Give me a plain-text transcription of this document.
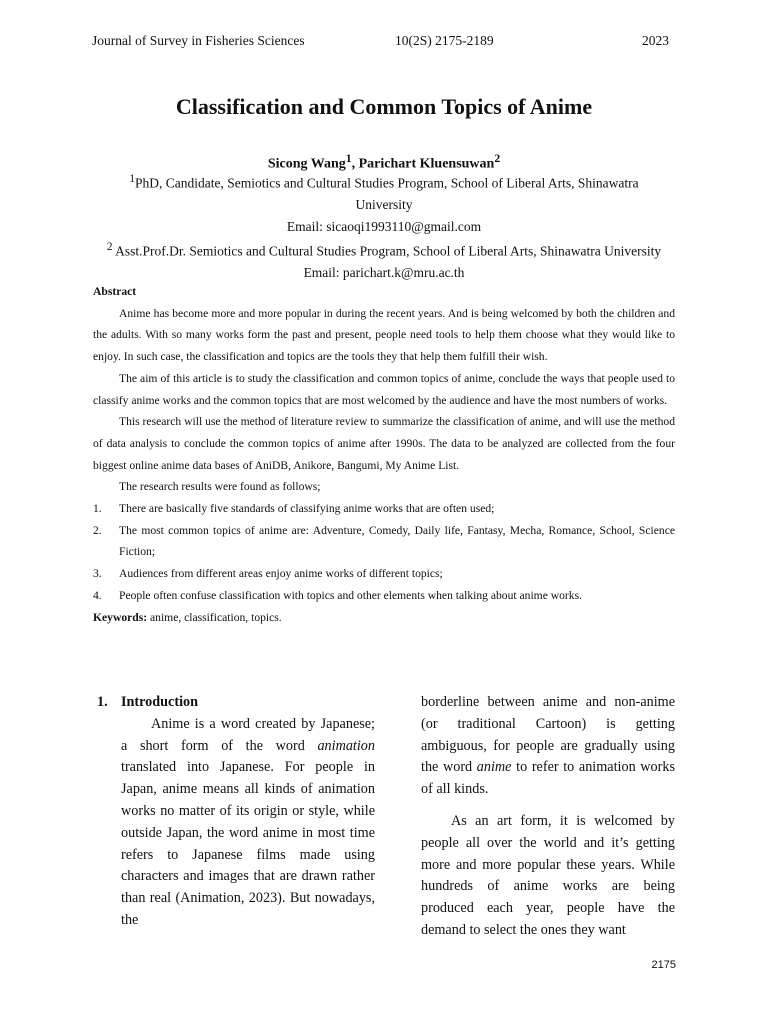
Journal of Survey in Fisheries Sciences	10(2S) 2175-2189	2023
Classification and Common Topics of Anime
Sicong Wang$^1$, Parichart Kluensuwan$^2$
$^1$PhD, Candidate, Semiotics and Cultural Studies Program, School of Liberal Arts, Shinawatra
University
Email: sicaoqi1993110@gmail.com
$^2$ Asst.Prof.Dr. Semiotics and Cultural Studies Program, School of Liberal Arts, Shinawatra University
Email: parichart.k@mru.ac.th

Abstract

Anime has become more and more popular in during the recent years. And is being welcomed by both the children and the adults. With so many works form the past and present, people need tools to help them choose what they would like to enjoy. In such case, the classification and topics are the tools they that help them fulfill their wish.

The aim of this article is to study the classification and common topics of anime, conclude the ways that people used to classify anime works and the common topics that are most welcomed by the audience and have the most numbers of works.

This research will use the method of literature review to summarize the classification of anime, and will use the method of data analysis to conclude the common topics of anime after 1990s. The data to be analyzed are collected from the four biggest online anime data bases of AniDB, Anikore, Bangumi, My Anime List.

The research results were found as follows;

1.	There are basically five standards of classifying anime works that are often used;
2.	The most common topics of anime are: Adventure, Comedy, Daily life, Fantasy, Mecha, Romance, School, Science Fiction;
3.	Audiences from different areas enjoy anime works of different topics;
4.	People often confuse classification with topics and other elements when talking about anime works.

Keywords: anime, classification, topics.

1. Introduction

Anime is a word created by Japanese; a short form of the word animation translated into Japanese. For people in Japan, anime means all kinds of animation works no matter of its origin or style, while outside Japan, the word anime in most time refers to Japanese films made using characters and images that are drawn rather than real (Animation, 2023). But nowadays, the

borderline between anime and non-anime (or traditional Cartoon) is getting ambiguous, for people are gradually using the word anime to refer to animation works of all kinds.

As an art form, it is welcomed by people all over the world and it’s getting more and more popular these years. While hundreds of anime works are being produced each year, people have the demand to select the ones they want

2175
